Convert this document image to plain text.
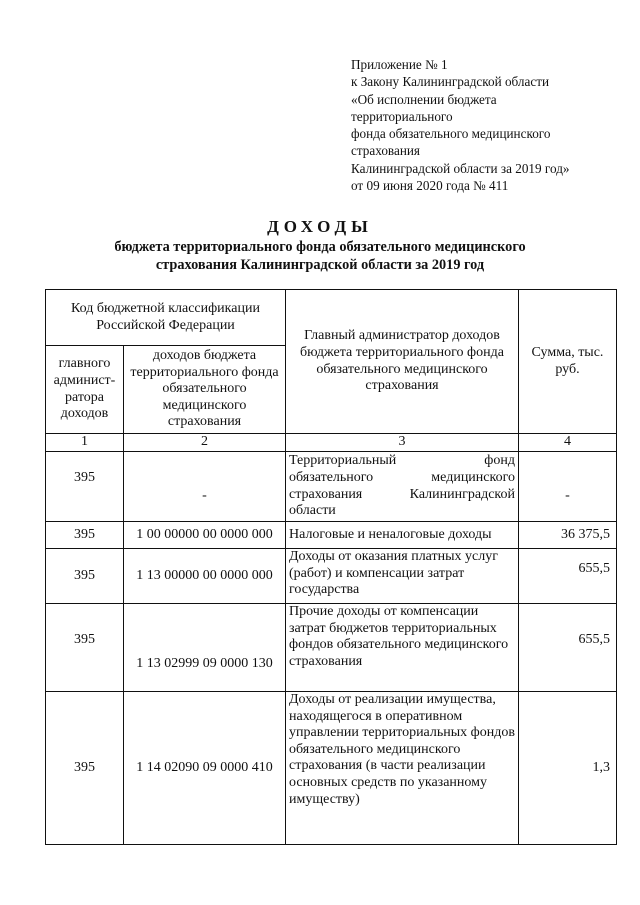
Приложение № 1
к Закону Калининградской области
«Об исполнении бюджета
территориального
фонда обязательного медицинского
страхования
Калининградской области за 2019 год»
от 09 июня 2020 года № 411
ДОХОДЫ
бюджета территориального фонда обязательного медицинского
страхования Калининградской области за 2019 год
Код бюджетной классификации Российской Федерации		Главный администратор доходов бюджета территориального фонда обязательного медицинского страхования	Сумма, тыс. руб.
главного админист-ратора доходов	доходов бюджета территориального фонда обязательного медицинского страхования		
1	2	3	4
395	-	Территориальный фонд обязательного медицинского страхования Калининградской области	-
395	1 00 00000 00 0000 000	Налоговые и неналоговые доходы	36 375,5
395	1 13 00000 00 0000 000	Доходы от оказания платных услуг (работ) и компенсации затрат государства	655,5
395	1 13 02999 09 0000 130	Прочие доходы от компенсации затрат бюджетов территориальных фондов обязательного медицинского страхования	655,5
395	1 14 02090 09 0000 410	Доходы от реализации имущества, находящегося в оперативном управлении территориальных фондов обязательного медицинского страхования (в части реализации основных средств по указанному имуществу)	1,3
